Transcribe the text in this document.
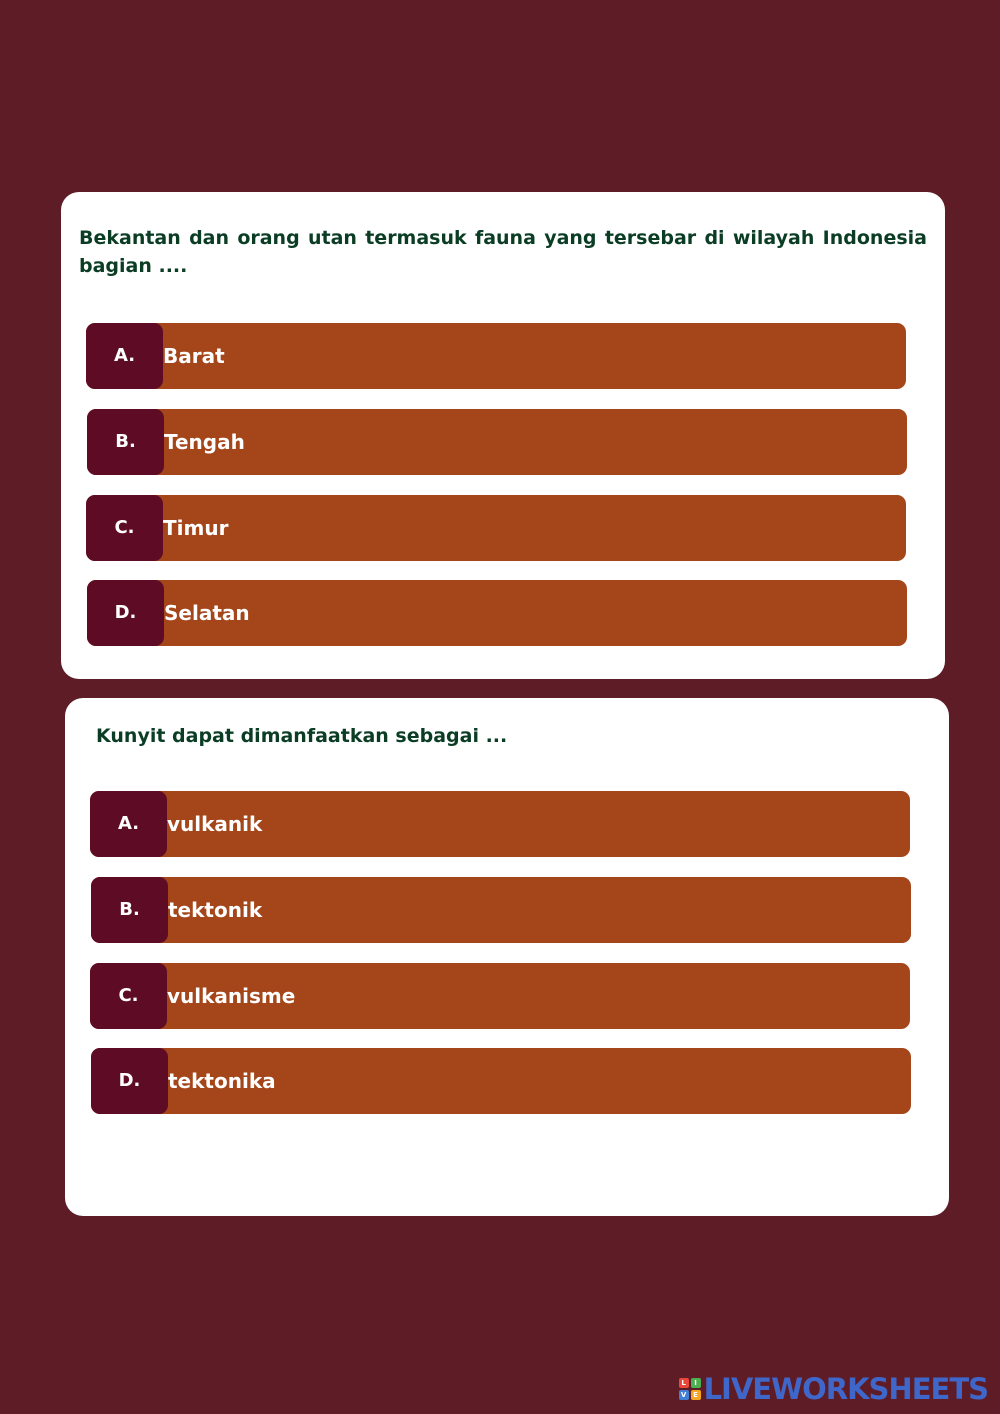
Bekantan dan orang utan termasuk fauna yang tersebar di wilayah Indonesia bagian ....

A.	Barat
B.	Tengah
C.	Timur
D.	Selatan

Kunyit dapat dimanfaatkan sebagai ...

A.	vulkanik
B.	tektonik
C.	vulkanisme
D.	tektonika
L	I
V E LIVEWORKSHEETS
